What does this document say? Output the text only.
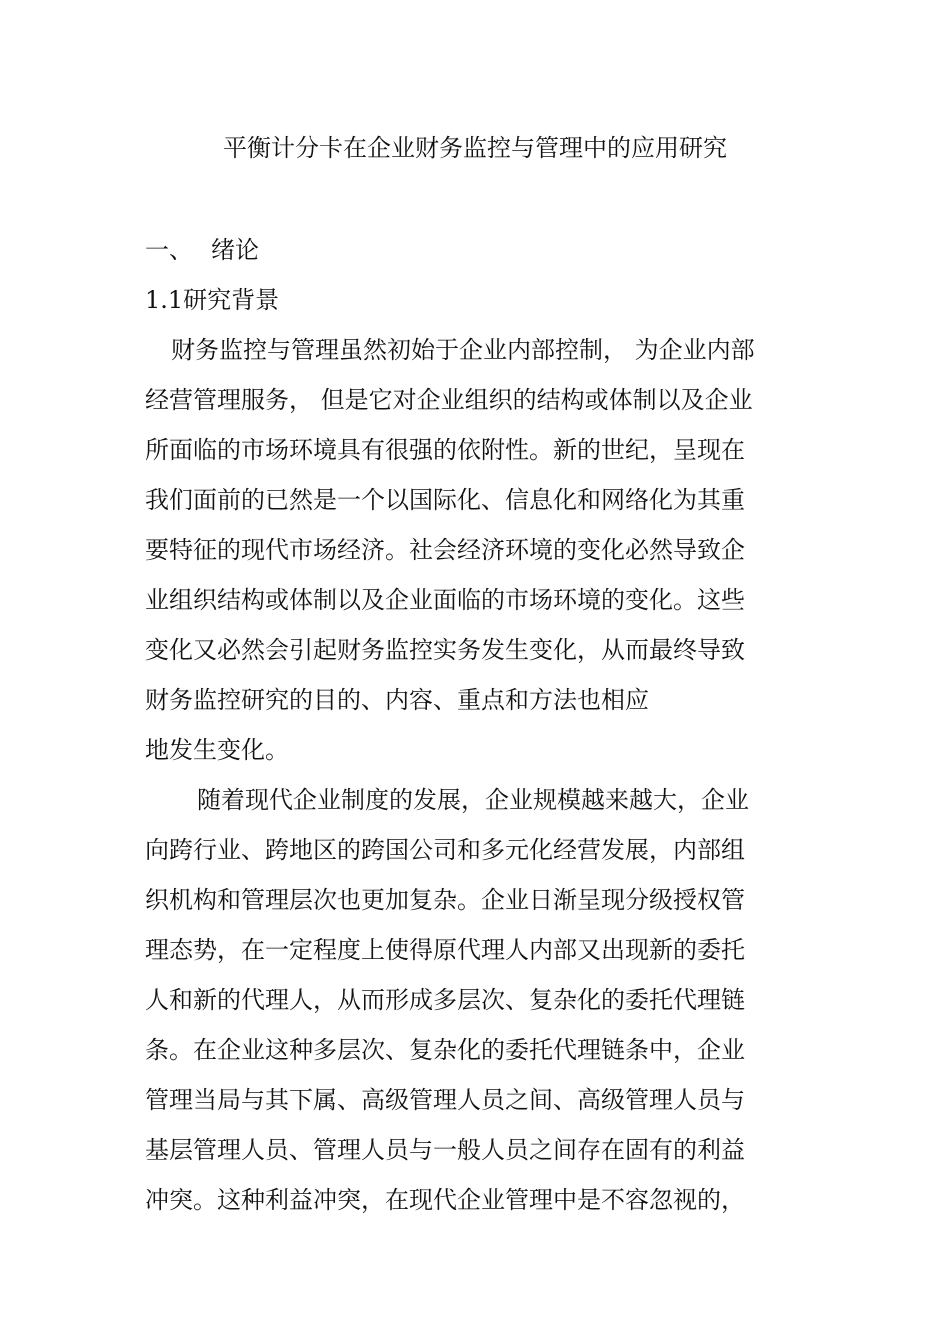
平衡计分卡在企业财务监控与管理中的应用研究
一、 绪论
1.1研究背景
财务监控与管理虽然初始于企业内部控制， 为企业内部
经营管理服务， 但是它对企业组织的结构或体制以及企业
所面临的市场环境具有很强的依附性。新的世纪，呈现在
我们面前的已然是一个以国际化、信息化和网络化为其重
要特征的现代市场经济。社会经济环境的变化必然导致企
业组织结构或体制以及企业面临的市场环境的变化。这些
变化又必然会引起财务监控实务发生变化，从而最终导致
财务监控研究的目的、内容、重点和方法也相应
地发生变化。
随着现代企业制度的发展，企业规模越来越大，企业
向跨行业、跨地区的跨国公司和多元化经营发展，内部组
织机构和管理层次也更加复杂。企业日渐呈现分级授权管
理态势，在一定程度上使得原代理人内部又出现新的委托
人和新的代理人，从而形成多层次、复杂化的委托代理链
条。在企业这种多层次、复杂化的委托代理链条中，企业
管理当局与其下属、高级管理人员之间、高级管理人员与
基层管理人员、管理人员与一般人员之间存在固有的利益
冲突。这种利益冲突，在现代企业管理中是不容忽视的，
